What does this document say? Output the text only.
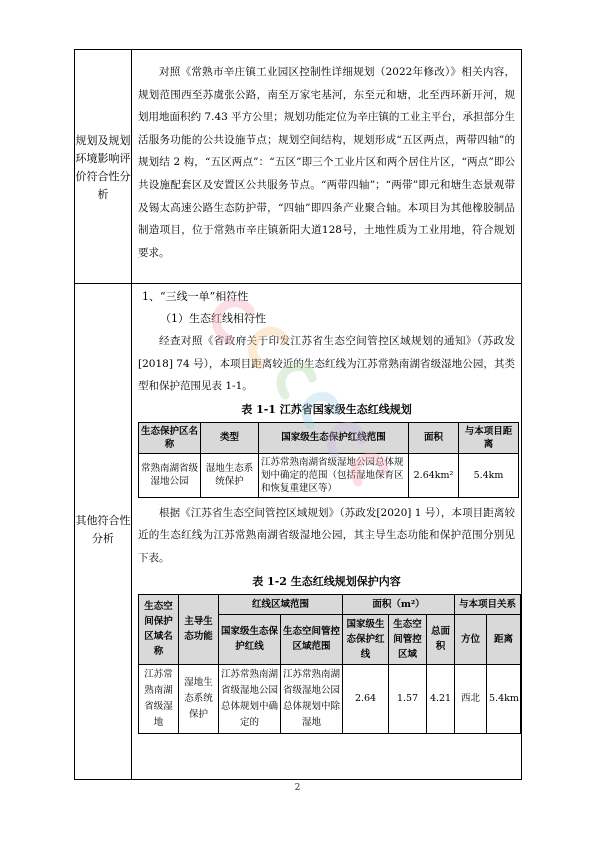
规划及规划环境影响评价符合性分析

对照《常熟市辛庄镇工业园区控制性详细规划（2022年修改）》相关内容，规划范围西至苏虞张公路，南至万家宅基河，东至元和塘，北至西环新开河，规划用地面积约 7.43 平方公里；规划功能定位为辛庄镇的工业主平台，承担部分生活服务功能的公共设施节点；规划空间结构，规划形成“五区两点，两带四轴”的规划结 2 构，“五区两点”：“五区”即三个工业片区和两个居住片区，“两点”即公共设施配套区及安置区公共服务节点。“两带四轴”；“两带”即元和塘生态景观带及锡太高速公路生态防护带，“四轴”即四条产业聚合轴。本项目为其他橡胶制品制造项目，位于常熟市辛庄镇新阳大道128号，土地性质为工业用地，符合规划要求。

其他符合性分析

1、“三线一单”相符性

（1）生态红线相符性

经查对照《省政府关于印发江苏省生态空间管控区域规划的通知》（苏政发[2018] 74 号），本项目距离较近的生态红线为江苏常熟南湖省级湿地公园，其类型和保护范围见表 1-1。

表 1-1 江苏省国家级生态红线规划
生态保护区名称	类型	国家级生态保护红线范围	面积	与本项目距离
常熟南湖省级湿地公园	湿地生态系统保护	江苏常熟南湖省级湿地公园总体规划中确定的范围（包括湿地保育区和恢复重建区等）	2.64km²	5.4km

根据《江苏省生态空间管控区域规划》（苏政发[2020] 1 号），本项目距离较近的生态红线为江苏常熟南湖省级湿地公园，其主导生态功能和保护范围分别见下表。

表 1-2 生态红线规划保护内容
生态空间保护区域名称	主导生态功能	红线区域范围		面积（m²）			与本项目关系	
		国家级生态保护红线	生态空间管控区域范围	国家级生态保护红线	生态空间管控区域	总面积	方位	距离
江苏常熟南湖省级湿地	湿地生态系统保护	江苏常熟南湖省级湿地公园总体规划中确定的	江苏常熟南湖省级湿地公园总体规划中除湿地	2.64	1.57	4.21	西北	5.4km
2
